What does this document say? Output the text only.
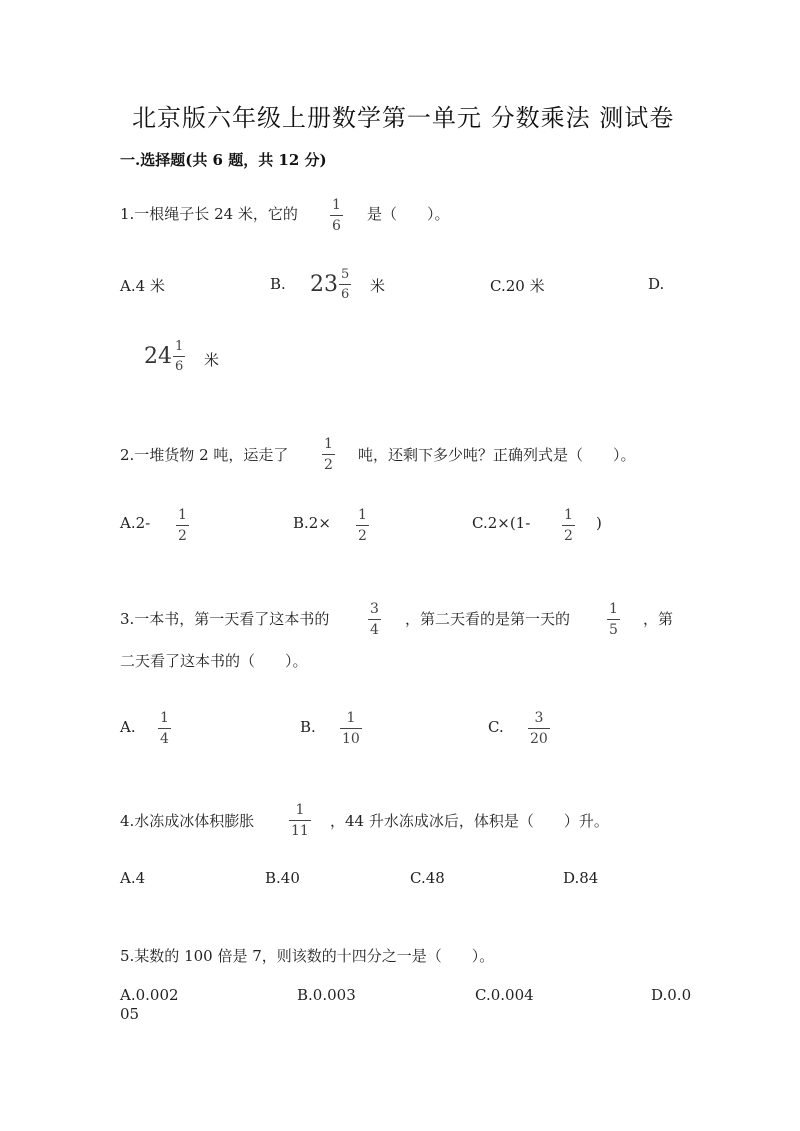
北京版六年级上册数学第一单元 分数乘法 测试卷
一.选择题(共 6 题，共 12 分)
1.一根绳子长 24 米，它的 $\frac{1}{6}$ 是（　　）。
A.4 米	B. $23 \frac{5}{6}$ 米	C.20 米	D.
$24 \frac{1}{6}$ 米
2.一堆货物 2 吨，运走了 $\frac{1}{2}$ 吨，还剩下多少吨？正确列式是（　　）。
$A.2- \frac{1}{2}$	$B.2\times \frac{1}{2}$	$C.2\times(1- \frac{1}{2}$ )
3.一本书，第一天看了这本书的	$\frac{3}{4}$ ，第二天看的是第一天的	$\frac{1}{5}$ ，第
二天看了这本书的（　　）。
A. $\frac{1}{4}$	B. $\frac{1}{10}$	C. $\frac{3}{20}$
4.水冻成冰体积膨胀 $\frac{1}{11}$ ，44 升水冻成冰后，体积是（　　）升。
A.4	B.40	C.48	D.84
5.某数的 100 倍是 7，则该数的十四分之一是（　　）。
A.0.002	B.0.003	C.0.004	D.0.0
05
